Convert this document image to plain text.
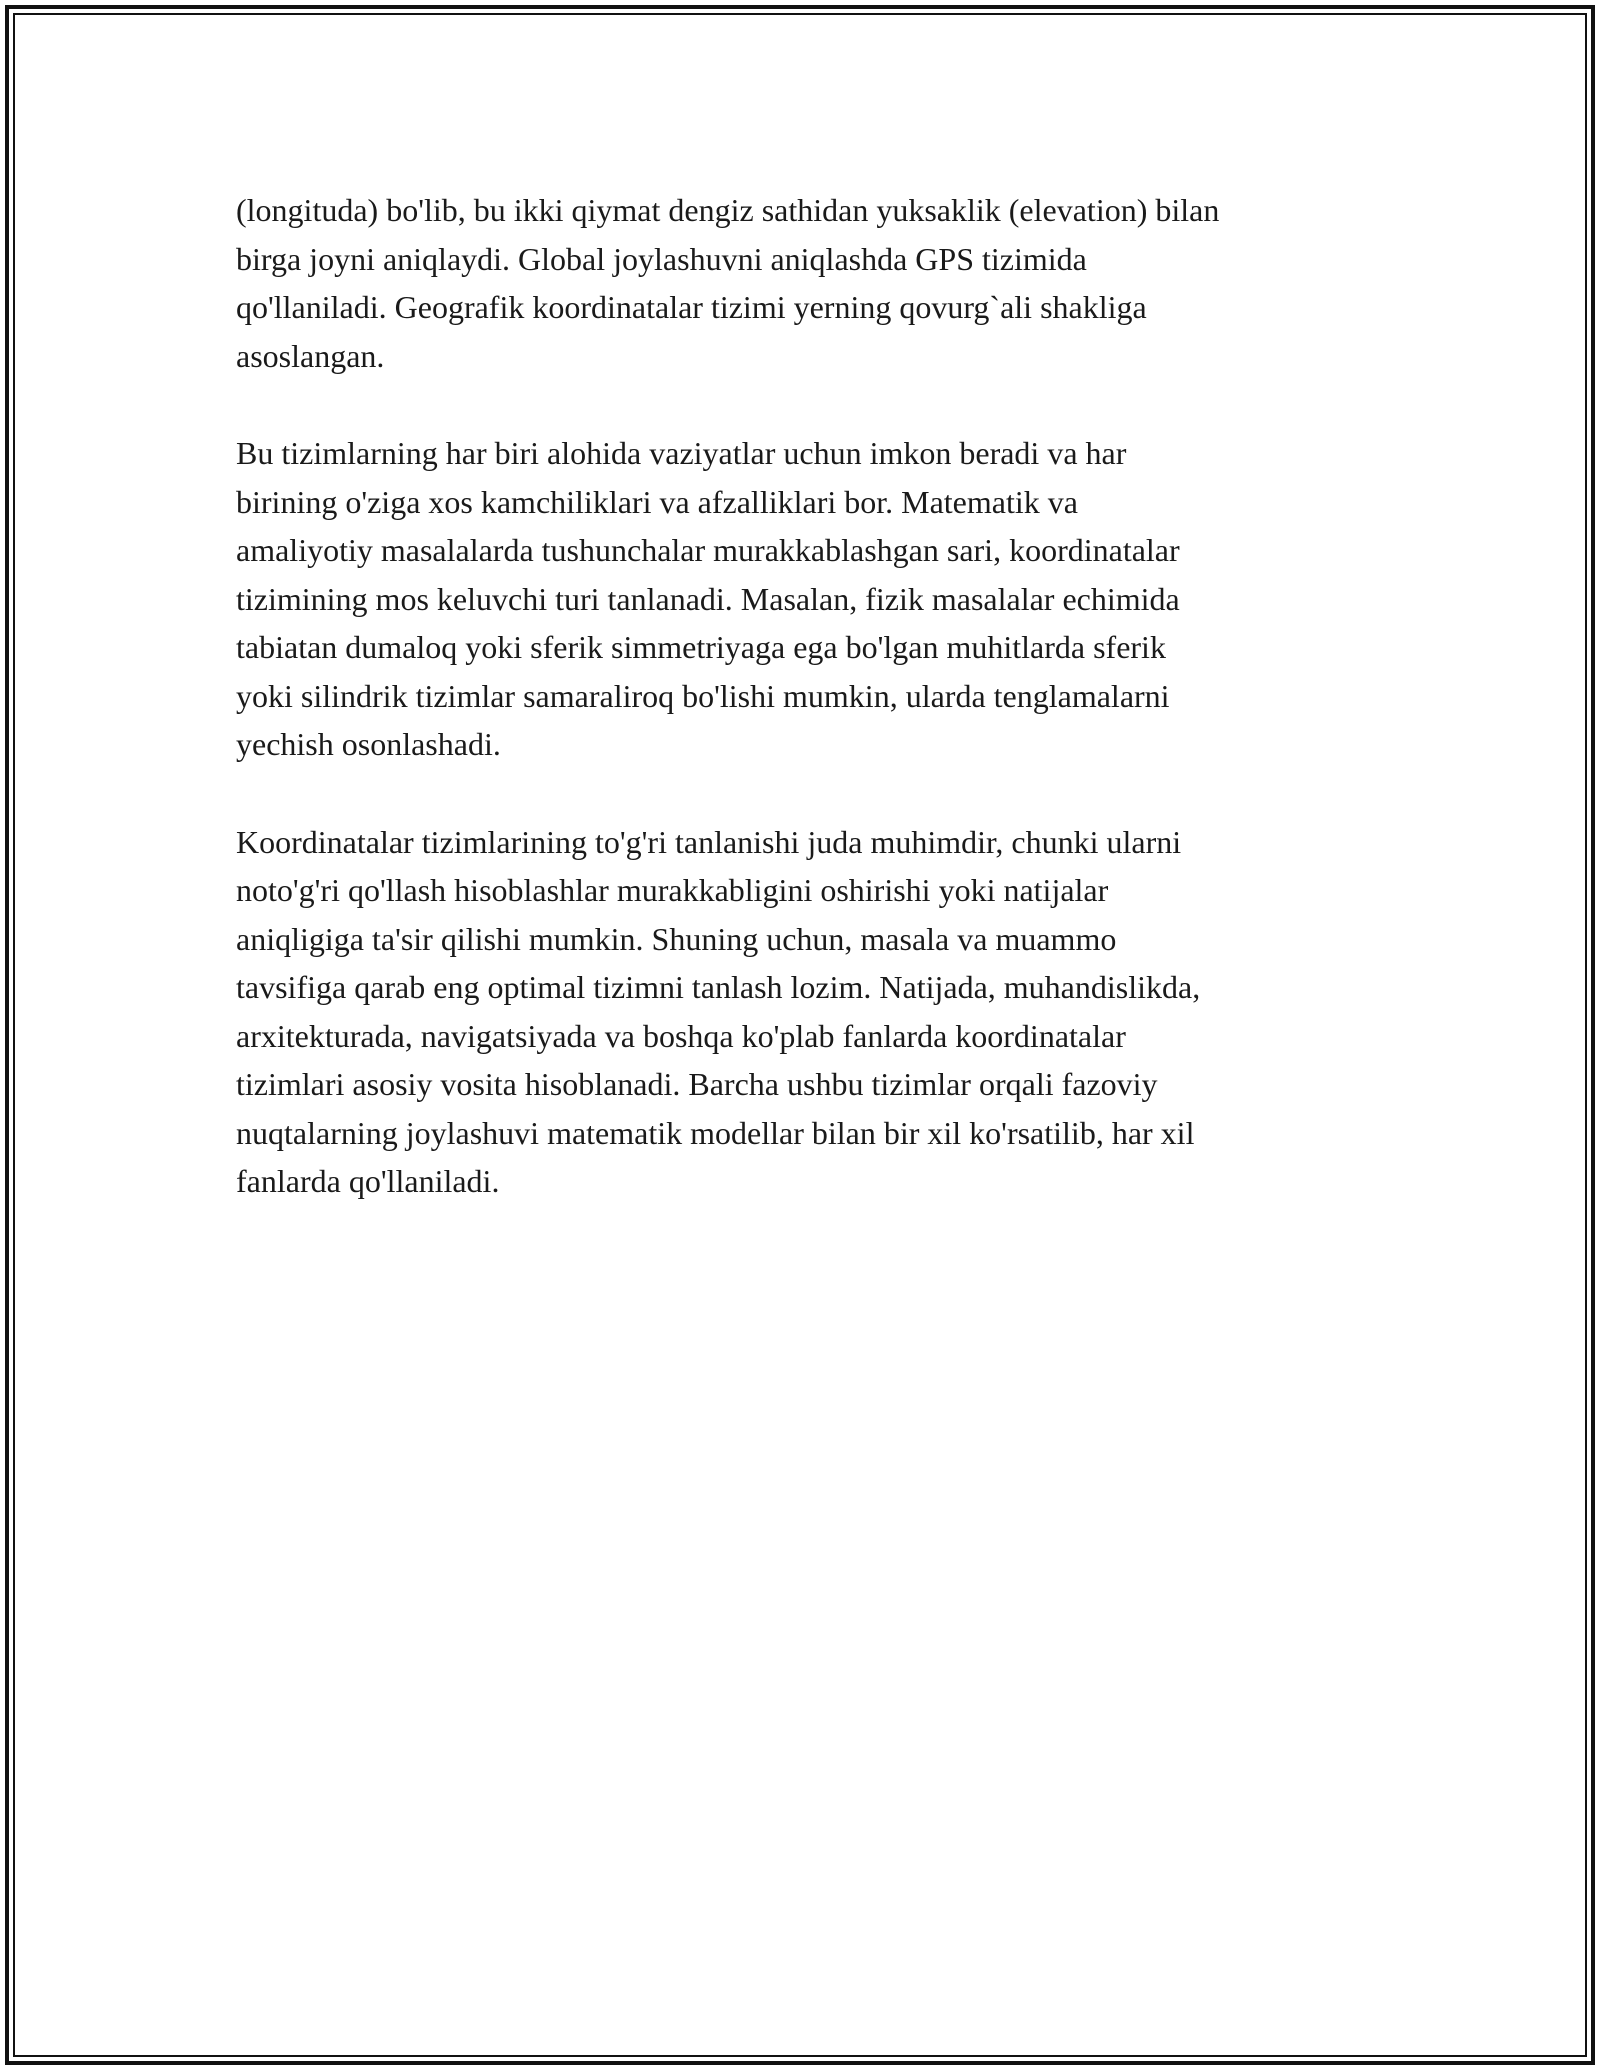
(longituda) bo'lib, bu ikki qiymat dengiz sathidan yuksaklik (elevation) bilan
birga joyni aniqlaydi. Global joylashuvni aniqlashda GPS tizimida
qo'llaniladi. Geografik koordinatalar tizimi yerning qovurg`ali shakliga
asoslangan.

Bu tizimlarning har biri alohida vaziyatlar uchun imkon beradi va har
birining o'ziga xos kamchiliklari va afzalliklari bor. Matematik va
amaliyotiy masalalarda tushunchalar murakkablashgan sari, koordinatalar
tizimining mos keluvchi turi tanlanadi. Masalan, fizik masalalar echimida
tabiatan dumaloq yoki sferik simmetriyaga ega bo'lgan muhitlarda sferik
yoki silindrik tizimlar samaraliroq bo'lishi mumkin, ularda tenglamalarni
yechish osonlashadi.

Koordinatalar tizimlarining to'g'ri tanlanishi juda muhimdir, chunki ularni
noto'g'ri qo'llash hisoblashlar murakkabligini oshirishi yoki natijalar
aniqligiga ta'sir qilishi mumkin. Shuning uchun, masala va muammo
tavsifiga qarab eng optimal tizimni tanlash lozim. Natijada, muhandislikda,
arxitekturada, navigatsiyada va boshqa ko'plab fanlarda koordinatalar
tizimlari asosiy vosita hisoblanadi. Barcha ushbu tizimlar orqali fazoviy
nuqtalarning joylashuvi matematik modellar bilan bir xil ko'rsatilib, har xil
fanlarda qo'llaniladi.
